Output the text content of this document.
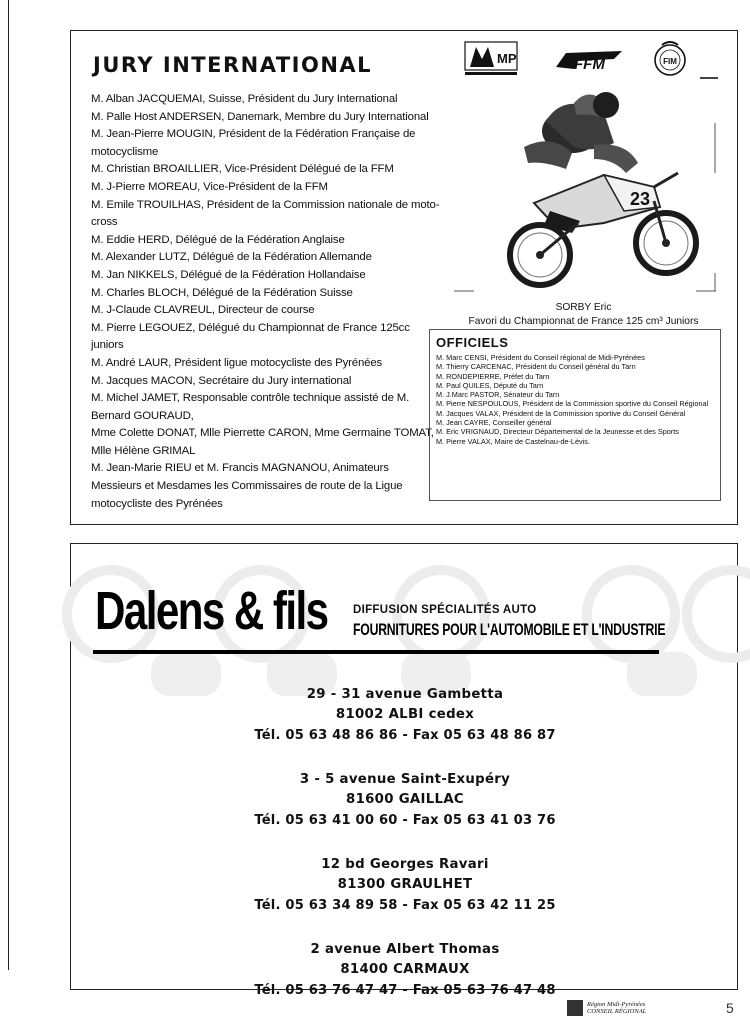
JURY INTERNATIONAL
M. Alban JACQUEMAI, Suisse, Président du Jury International
M. Palle Host ANDERSEN, Danemark, Membre du Jury International
M. Jean-Pierre MOUGIN, Président de la Fédération Française de motocyclisme
M. Christian BROAILLIER, Vice-Président Délégué de la FFM
M. J-Pierre MOREAU, Vice-Président de la FFM
M. Emile TROUILHAS, Président de la Commission nationale de moto-cross
M. Eddie HERD, Délégué de la Fédération Anglaise
M. Alexander LUTZ, Délégué de la Fédération Allemande
M. Jan NIKKELS, Délégué de la Fédération Hollandaise
M. Charles BLOCH, Délégué de la Fédération Suisse
M. J-Claude CLAVREUL, Directeur de course
M. Pierre LEGOUEZ, Délégué du Championnat de France 125cc juniors
M. André LAUR, Président ligue motocycliste des Pyrénées
M. Jacques MACON, Secrétaire du Jury international
M. Michel JAMET, Responsable contrôle technique assisté de M. Bernard GOURAUD,
Mme Colette DONAT, Mlle Pierrette CARON, Mme Germaine TOMAT, Mlle Hélène GRIMAL
M. Jean-Marie RIEU et M. Francis MAGNANOU, Animateurs Messieurs et Mesdames les Commissaires de route de la Ligue motocycliste des Pyrénées
MP	FFM	FIM
23
SORBY Eric
Favori du Championnat de France 125 cm³ Juniors
OFFICIELS
M. Marc CENSI, Président du Conseil régional de Midi-Pyrénées
M. Thierry CARCENAC, Président du Conseil général du Tarn
M. RONDEPIERRE, Préfet du Tarn
M. Paul QUILES, Député du Tarn
M. J.Marc PASTOR, Sénateur du Tarn
M. Pierre NESPOULOUS, Président de la Commission sportive du Conseil Régional
M. Jacques VALAX, Président de la Commission sportive du Conseil Général
M. Jean CAYRE, Conseiller général
M. Eric VRIGNAUD, Directeur Départemental de la Jeunesse et des Sports
M. Pierre VALAX, Maire de Castelnau-de-Lévis.
Dalens & fils DIFFUSION SPÉCIALITÉS AUTO
FOURNITURES POUR L'AUTOMOBILE ET L'INDUSTRIE
29 - 31 avenue Gambetta
81002 ALBI cedex
Tél. 05 63 48 86 86 - Fax 05 63 48 86 87
3 - 5 avenue Saint-Exupéry
81600 GAILLAC
Tél. 05 63 41 00 60 - Fax 05 63 41 03 76
12 bd Georges Ravari
81300 GRAULHET
Tél. 05 63 34 89 58 - Fax 05 63 42 11 25
2 avenue Albert Thomas
81400 CARMAUX
Tél. 05 63 76 47 47 - Fax 05 63 76 47 48
Région Midi-Pyrénées
CONSEIL RÉGIONAL	5
